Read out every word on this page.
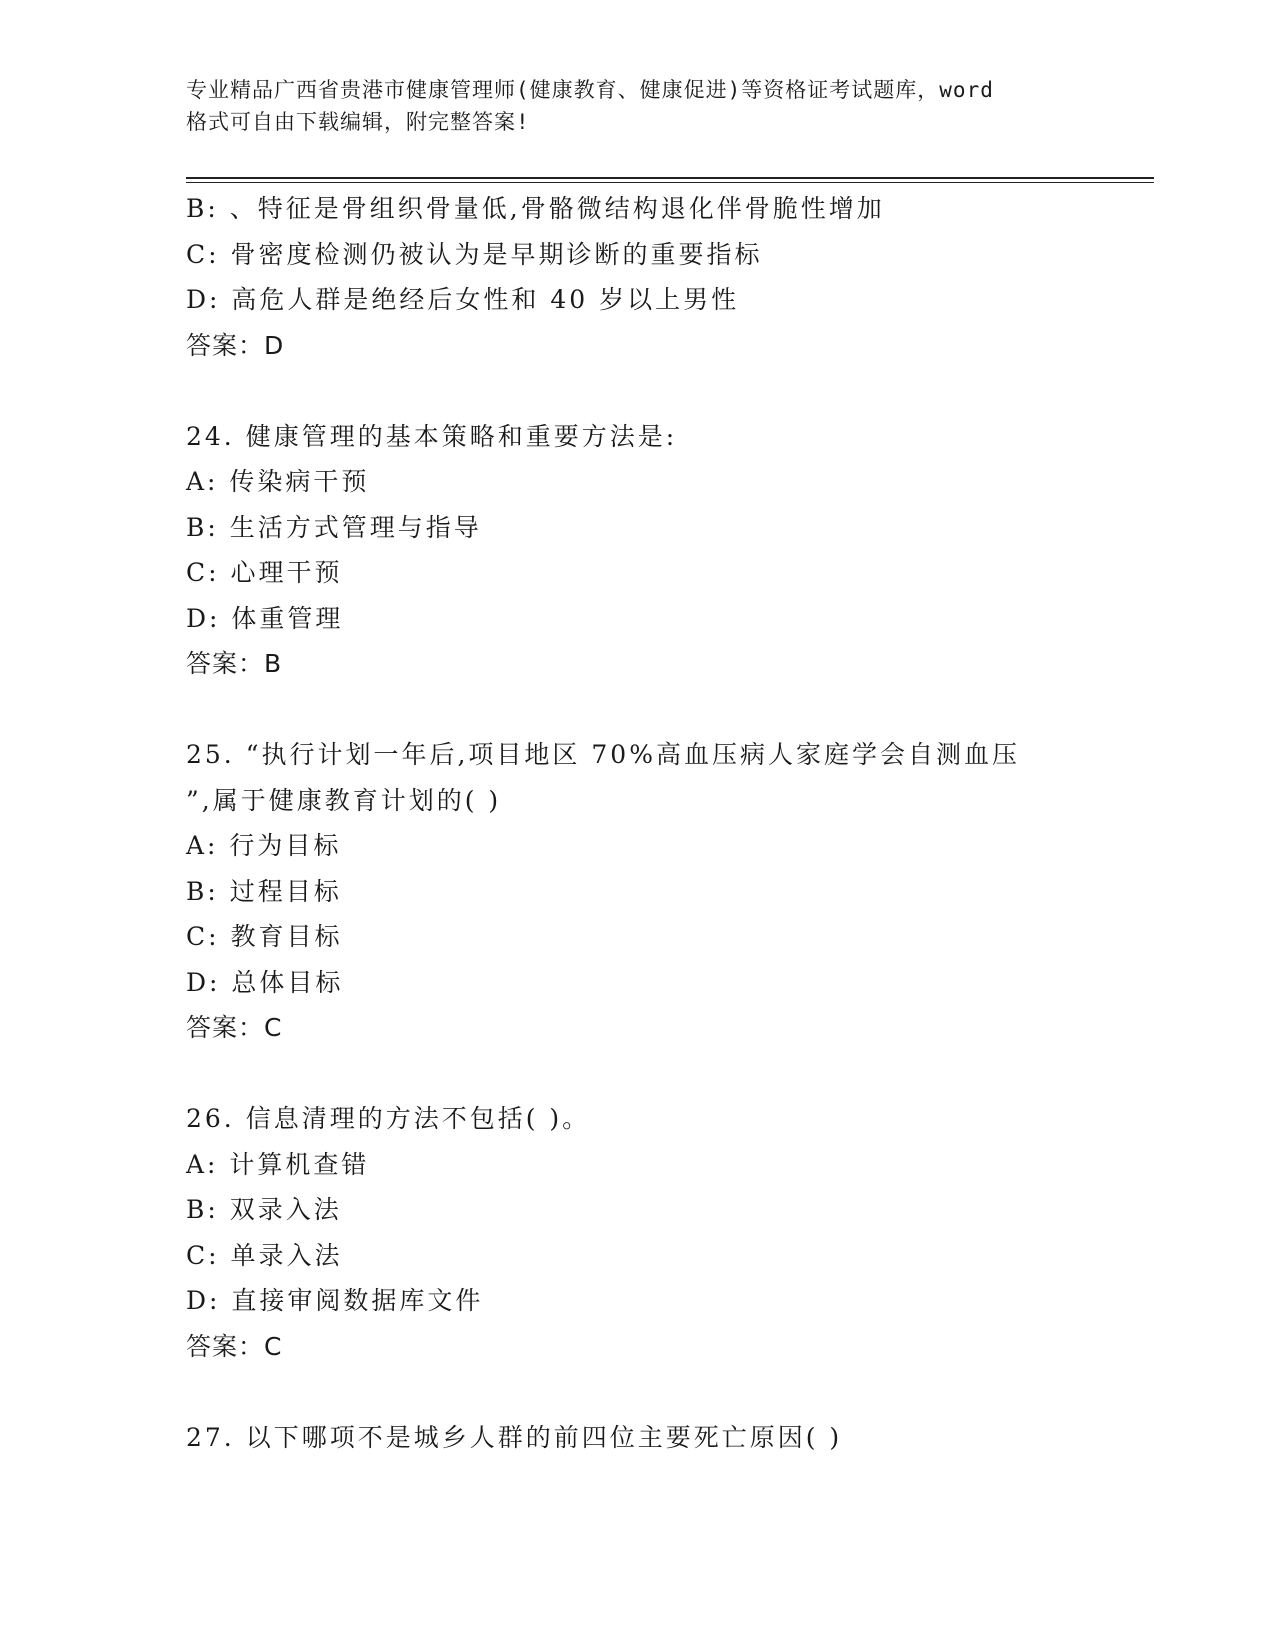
专业精品广西省贵港市健康管理师(健康教育、健康促进)等资格证考试题库，word
格式可自由下载编辑，附完整答案!
B: 、特征是骨组织骨量低,骨骼微结构退化伴骨脆性增加
C: 骨密度检测仍被认为是早期诊断的重要指标
D: 高危人群是绝经后女性和 40 岁以上男性
答案：D
24. 健康管理的基本策略和重要方法是:
A: 传染病干预
B: 生活方式管理与指导
C: 心理干预
D: 体重管理
答案：B
25. “执行计划一年后,项目地区 70%高血压病人家庭学会自测血压
”,属于健康教育计划的( )
A: 行为目标
B: 过程目标
C: 教育目标
D: 总体目标
答案：C
26. 信息清理的方法不包括( )。
A: 计算机查错
B: 双录入法
C: 单录入法
D: 直接审阅数据库文件
答案：C
27. 以下哪项不是城乡人群的前四位主要死亡原因( )
